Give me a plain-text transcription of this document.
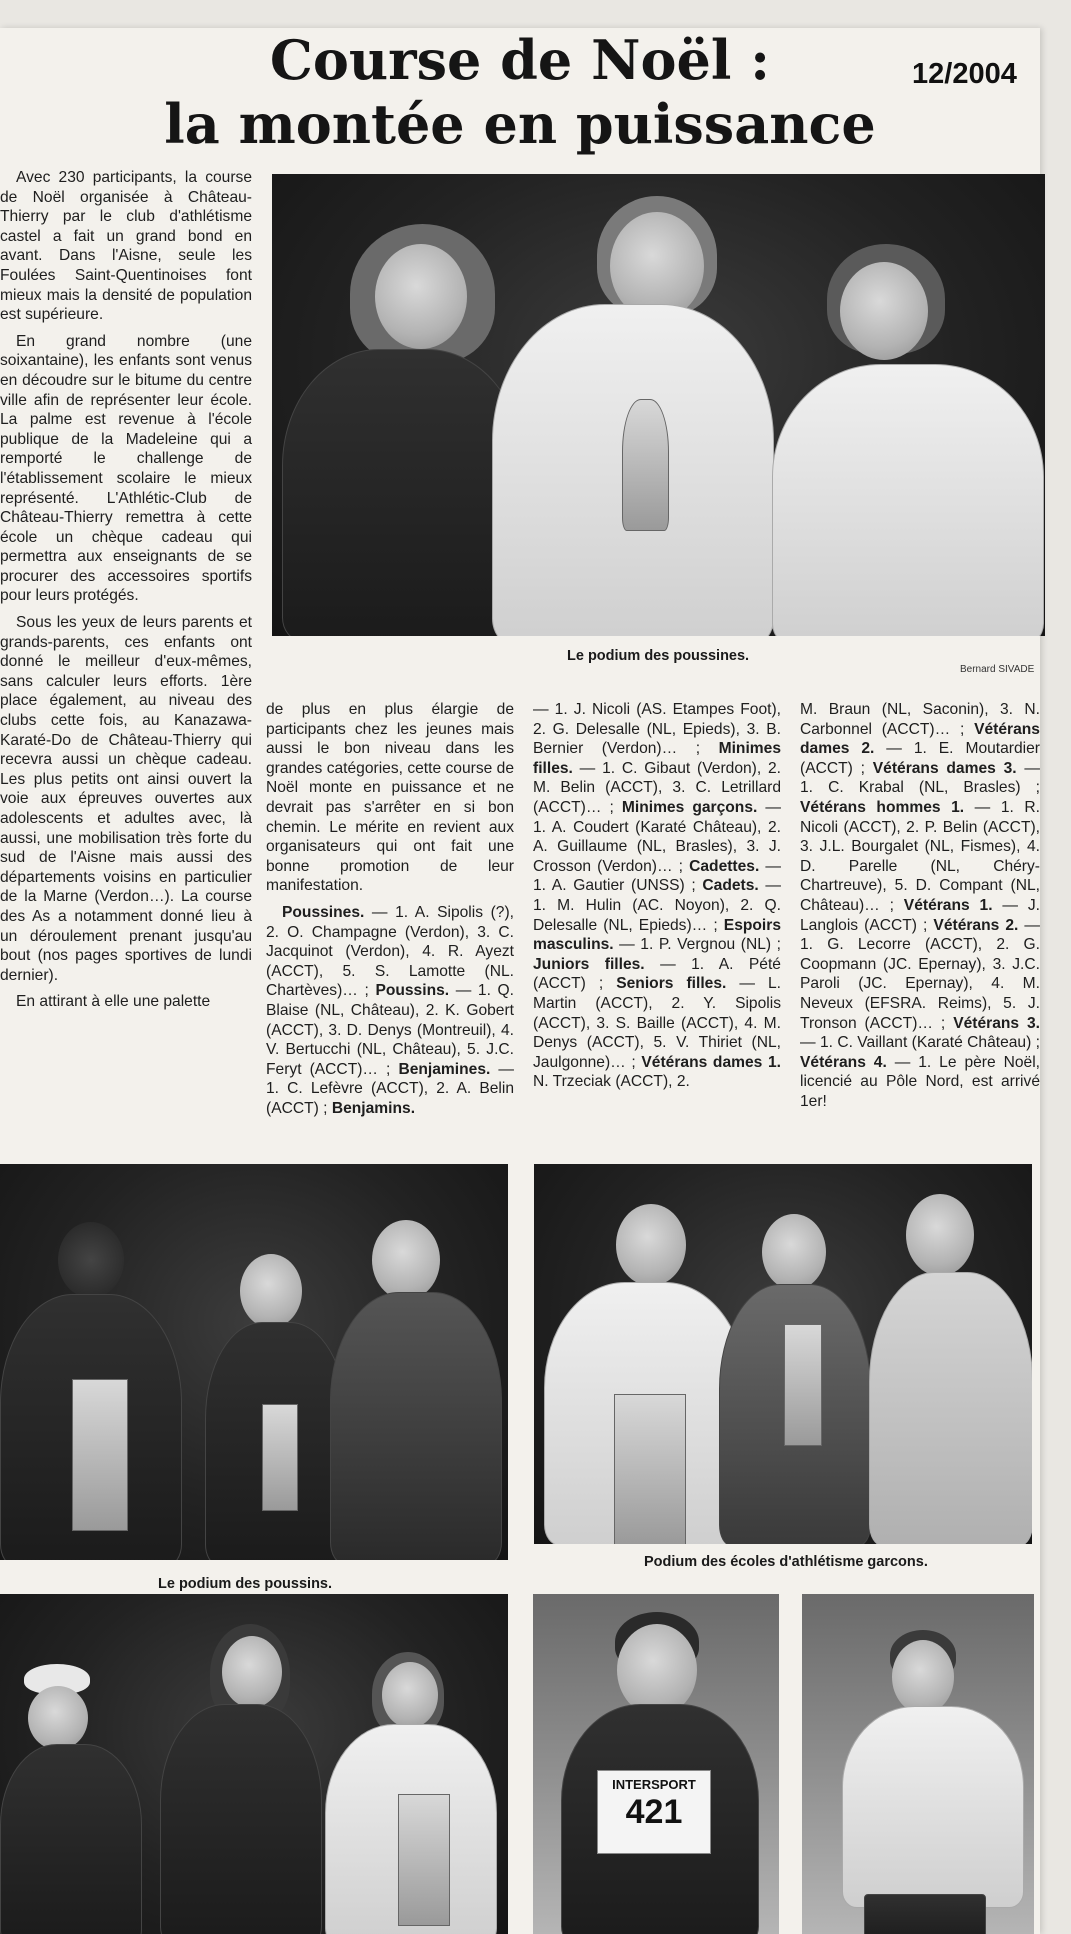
Course de Noël :
la montée en puissance
12/2004
Le podium des poussines.
Bernard SIVADE

Avec 230 participants, la course de Noël organisée à Château-Thierry par le club d'athlétisme castel a fait un grand bond en avant. Dans l'Aisne, seule les Foulées Saint-Quentinoises font mieux mais la densité de population est supérieure.

En grand nombre (une soixantaine), les enfants sont venus en découdre sur le bitume du centre ville afin de représenter leur école. La palme est revenue à l'école publique de la Madeleine qui a remporté le challenge de l'établissement scolaire le mieux représenté. L'Athlétic-Club de Château-Thierry remettra à cette école un chèque cadeau qui permettra aux enseignants de se procurer des accessoires sportifs pour leurs protégés.

Sous les yeux de leurs parents et grands-parents, ces enfants ont donné le meilleur d'eux-mêmes, sans calculer leurs efforts. 1ère place également, au niveau des clubs cette fois, au Kanazawa-Karaté-Do de Château-Thierry qui recevra aussi un chèque cadeau. Les plus petits ont ainsi ouvert la voie aux épreuves ouvertes aux adolescents et adultes avec, là aussi, une mobilisation très forte du sud de l'Aisne mais aussi des départements voisins en particulier de la Marne (Verdon…). La course des As a notamment donné lieu à un déroulement prenant jusqu'au bout (nos pages sportives de lundi dernier).

En attirant à elle une palette

de plus en plus élargie de participants chez les jeunes mais aussi le bon niveau dans les grandes catégories, cette course de Noël monte en puissance et ne devrait pas s'arrêter en si bon chemin. Le mérite en revient aux organisateurs qui ont fait une bonne promotion de leur manifestation.

Poussines. — 1. A. Sipolis (?), 2. O. Champagne (Verdon), 3. C. Jacquinot (Verdon), 4. R. Ayezt (ACCT), 5. S. Lamotte (NL. Chartèves)… ; Poussins. — 1. Q. Blaise (NL, Château), 2. K. Gobert (ACCT), 3. D. Denys (Montreuil), 4. V. Bertucchi (NL, Château), 5. J.C. Feryt (ACCT)… ; Benjamines. — 1. C. Lefèvre (ACCT), 2. A. Belin (ACCT) ; Benjamins.

— 1. J. Nicoli (AS. Etampes Foot), 2. G. Delesalle (NL, Epieds), 3. B. Bernier (Verdon)… ; Minimes filles. — 1. C. Gibaut (Verdon), 2. M. Belin (ACCT), 3. C. Letrillard (ACCT)… ; Minimes garçons. — 1. A. Coudert (Karaté Château), 2. A. Guillaume (NL, Brasles), 3. J. Crosson (Verdon)… ; Cadettes. — 1. A. Gautier (UNSS) ; Cadets. — 1. M. Hulin (AC. Noyon), 2. Q. Delesalle (NL, Epieds)… ; Espoirs masculins. — 1. P. Vergnou (NL) ; Juniors filles. — 1. A. Pété (ACCT) ; Seniors filles. — L. Martin (ACCT), 2. Y. Sipolis (ACCT), 3. S. Baille (ACCT), 4. M. Denys (ACCT), 5. V. Thiriet (NL, Jaulgonne)… ; Vétérans dames 1. N. Trzeciak (ACCT), 2.

M. Braun (NL, Saconin), 3. N. Carbonnel (ACCT)… ; Vétérans dames 2. — 1. E. Moutardier (ACCT) ; Vétérans dames 3. — 1. C. Krabal (NL, Brasles) ; Vétérans hommes 1. — 1. R. Nicoli (ACCT), 2. P. Belin (ACCT), 3. J.L. Bourgalet (NL, Fismes), 4. D. Parelle (NL, Chéry-Chartreuve), 5. D. Compant (NL, Château)… ; Vétérans 1. — J. Langlois (ACCT) ; Vétérans 2. — 1. G. Lecorre (ACCT), 2. G. Coopmann (JC. Epernay), 3. J.C. Paroli (JC. Epernay), 4. M. Neveux (EFSRA. Reims), 5. J. Tronson (ACCT)… ; Vétérans 3. — 1. C. Vaillant (Karaté Château) ; Vétérans 4. — 1. Le père Noël, licencié au Pôle Nord, est arrivé 1er!

Le podium des poussins.
Podium des écoles d'athlétisme garcons.
INTERSPORT
421
